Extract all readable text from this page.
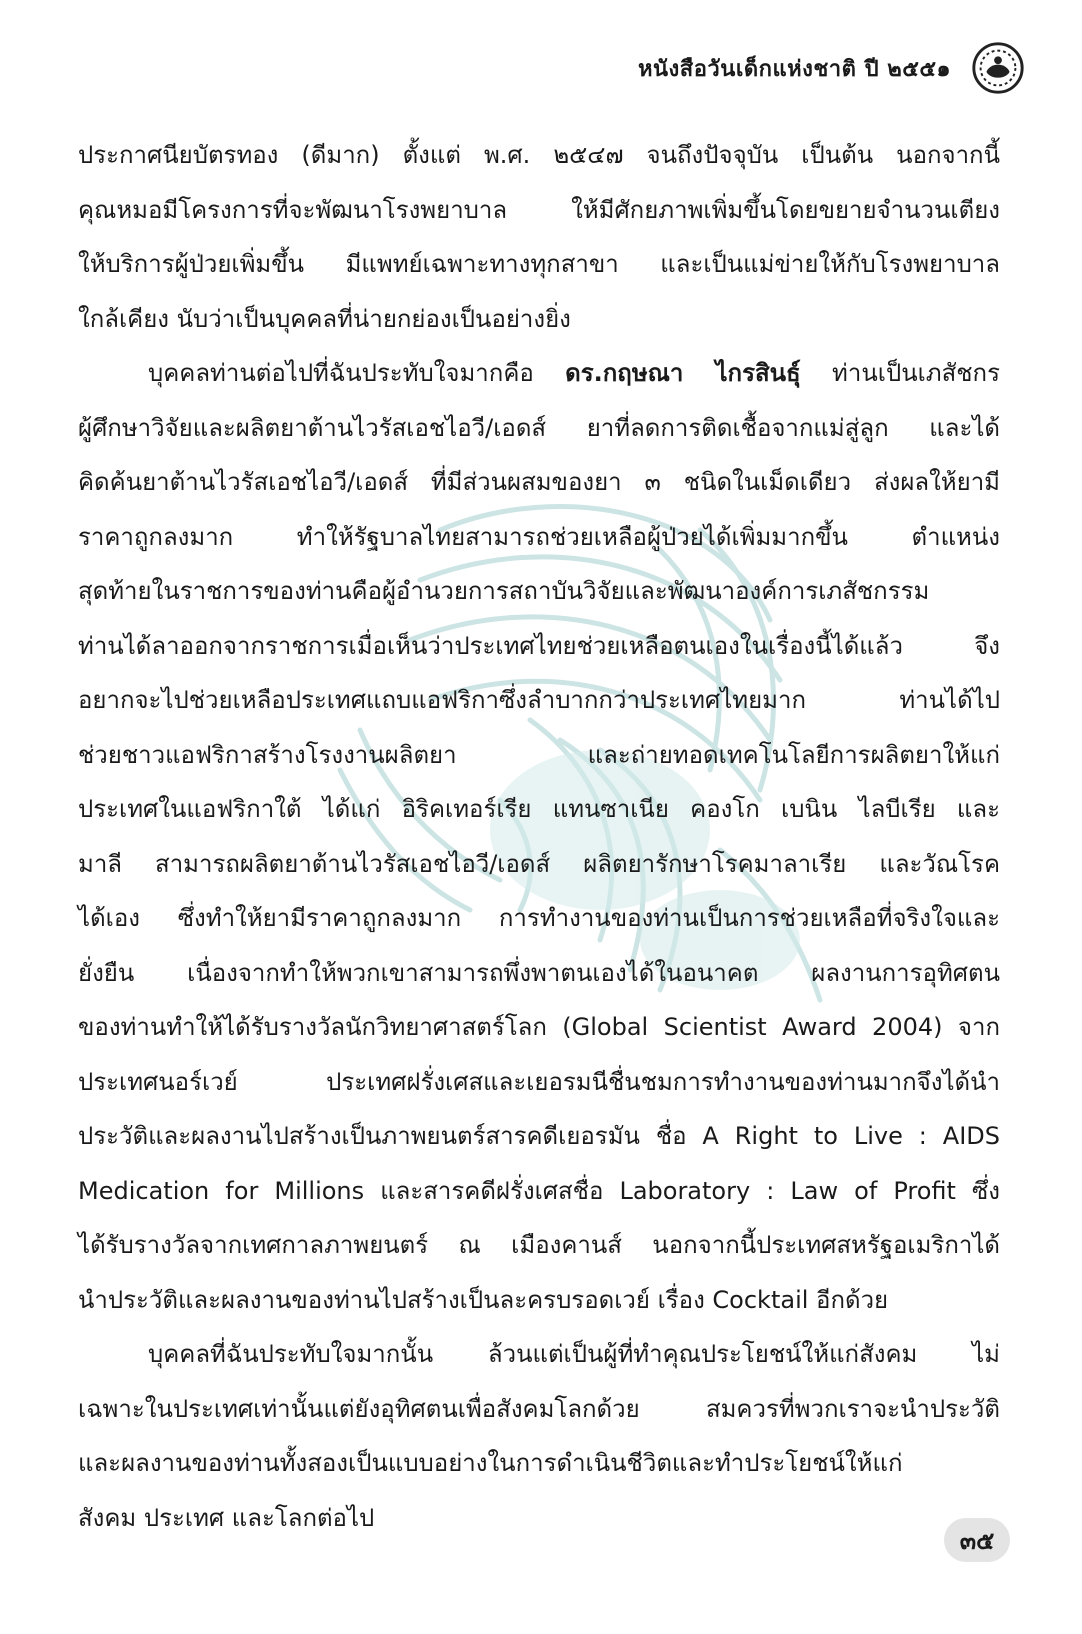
หนังสือวันเด็กแห่งชาติ ปี ๒๕๕๑
ประกาศนียบัตรทอง (ดีมาก) ตั้งแต่ พ.ศ. ๒๕๔๗ จนถึงปัจจุบัน เป็นต้น นอกจากนี้
คุณหมอมีโครงการที่จะพัฒนาโรงพยาบาล ให้มีศักยภาพเพิ่มขึ้นโดยขยายจำนวนเตียง
ให้บริการผู้ป่วยเพิ่มขึ้น มีแพทย์เฉพาะทางทุกสาขา และเป็นแม่ข่ายให้กับโรงพยาบาล
ใกล้เคียง นับว่าเป็นบุคคลที่น่ายกย่องเป็นอย่างยิ่ง
บุคคลท่านต่อไปที่ฉันประทับใจมากคือ ดร.กฤษณา ไกรสินธุ์ ท่านเป็นเภสัชกร
ผู้ศึกษาวิจัยและผลิตยาต้านไวรัสเอชไอวี/เอดส์ ยาที่ลดการติดเชื้อจากแม่สู่ลูก และได้
คิดค้นยาต้านไวรัสเอชไอวี/เอดส์ ที่มีส่วนผสมของยา ๓ ชนิดในเม็ดเดียว ส่งผลให้ยามี
ราคาถูกลงมาก ทำให้รัฐบาลไทยสามารถช่วยเหลือผู้ป่วยได้เพิ่มมากขึ้น ตำแหน่ง
สุดท้ายในราชการของท่านคือผู้อำนวยการสถาบันวิจัยและพัฒนาองค์การเภสัชกรรม
ท่านได้ลาออกจากราชการเมื่อเห็นว่าประเทศไทยช่วยเหลือตนเองในเรื่องนี้ได้แล้ว จึง
อยากจะไปช่วยเหลือประเทศแถบแอฟริกาซึ่งลำบากกว่าประเทศไทยมาก ท่านได้ไป
ช่วยชาวแอฟริกาสร้างโรงงานผลิตยา และถ่ายทอดเทคโนโลยีการผลิตยาให้แก่
ประเทศในแอฟริกาใต้ ได้แก่ อิริคเทอร์เรีย แทนซาเนีย คองโก เบนิน ไลบีเรีย และ
มาลี สามารถผลิตยาต้านไวรัสเอชไอวี/เอดส์ ผลิตยารักษาโรคมาลาเรีย และวัณโรค
ได้เอง ซึ่งทำให้ยามีราคาถูกลงมาก การทำงานของท่านเป็นการช่วยเหลือที่จริงใจและ
ยั่งยืน เนื่องจากทำให้พวกเขาสามารถพึ่งพาตนเองได้ในอนาคต ผลงานการอุทิศตน
ของท่านทำให้ได้รับรางวัลนักวิทยาศาสตร์โลก (Global Scientist Award 2004) จาก
ประเทศนอร์เวย์ ประเทศฝรั่งเศสและเยอรมนีชื่นชมการทำงานของท่านมากจึงได้นำ
ประวัติและผลงานไปสร้างเป็นภาพยนตร์สารคดีเยอรมัน ชื่อ A Right to Live : AIDS
Medication for Millions และสารคดีฝรั่งเศสชื่อ Laboratory : Law of Profit ซึ่ง
ได้รับรางวัลจากเทศกาลภาพยนตร์ ณ เมืองคานส์ นอกจากนี้ประเทศสหรัฐอเมริกาได้
นำประวัติและผลงานของท่านไปสร้างเป็นละครบรอดเวย์ เรื่อง Cocktail อีกด้วย
บุคคลที่ฉันประทับใจมากนั้น ล้วนแต่เป็นผู้ที่ทำคุณประโยชน์ให้แก่สังคม ไม่
เฉพาะในประเทศเท่านั้นแต่ยังอุทิศตนเพื่อสังคมโลกด้วย สมควรที่พวกเราจะนำประวัติ
และผลงานของท่านทั้งสองเป็นแบบอย่างในการดำเนินชีวิตและทำประโยชน์ให้แก่
สังคม ประเทศ และโลกต่อไป
๓๕
